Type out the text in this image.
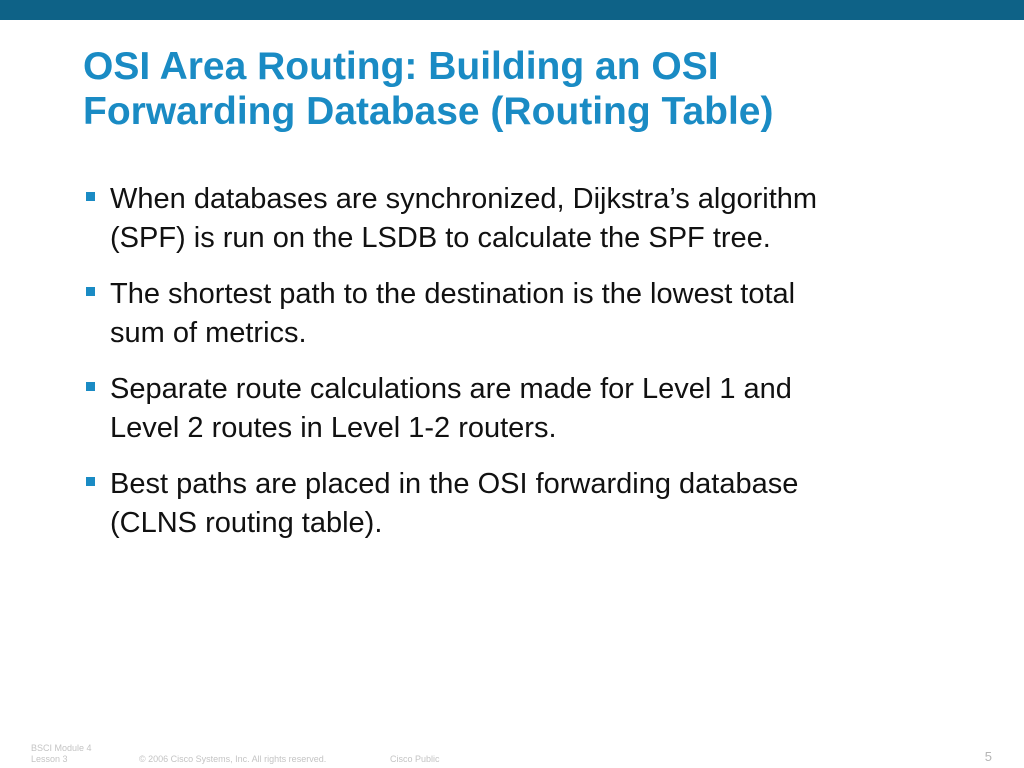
OSI Area Routing: Building an OSI
Forwarding Database (Routing Table)
When databases are synchronized, Dijkstra’s algorithm
(SPF) is run on the LSDB to calculate the SPF tree.
The shortest path to the destination is the lowest total
sum of metrics.
Separate route calculations are made for Level 1 and
Level 2 routes in Level 1-2 routers.
Best paths are placed in the OSI forwarding database
(CLNS routing table).
BSCI Module 4
Lesson 3	© 2006 Cisco Systems, Inc. All rights reserved.	Cisco Public	5
